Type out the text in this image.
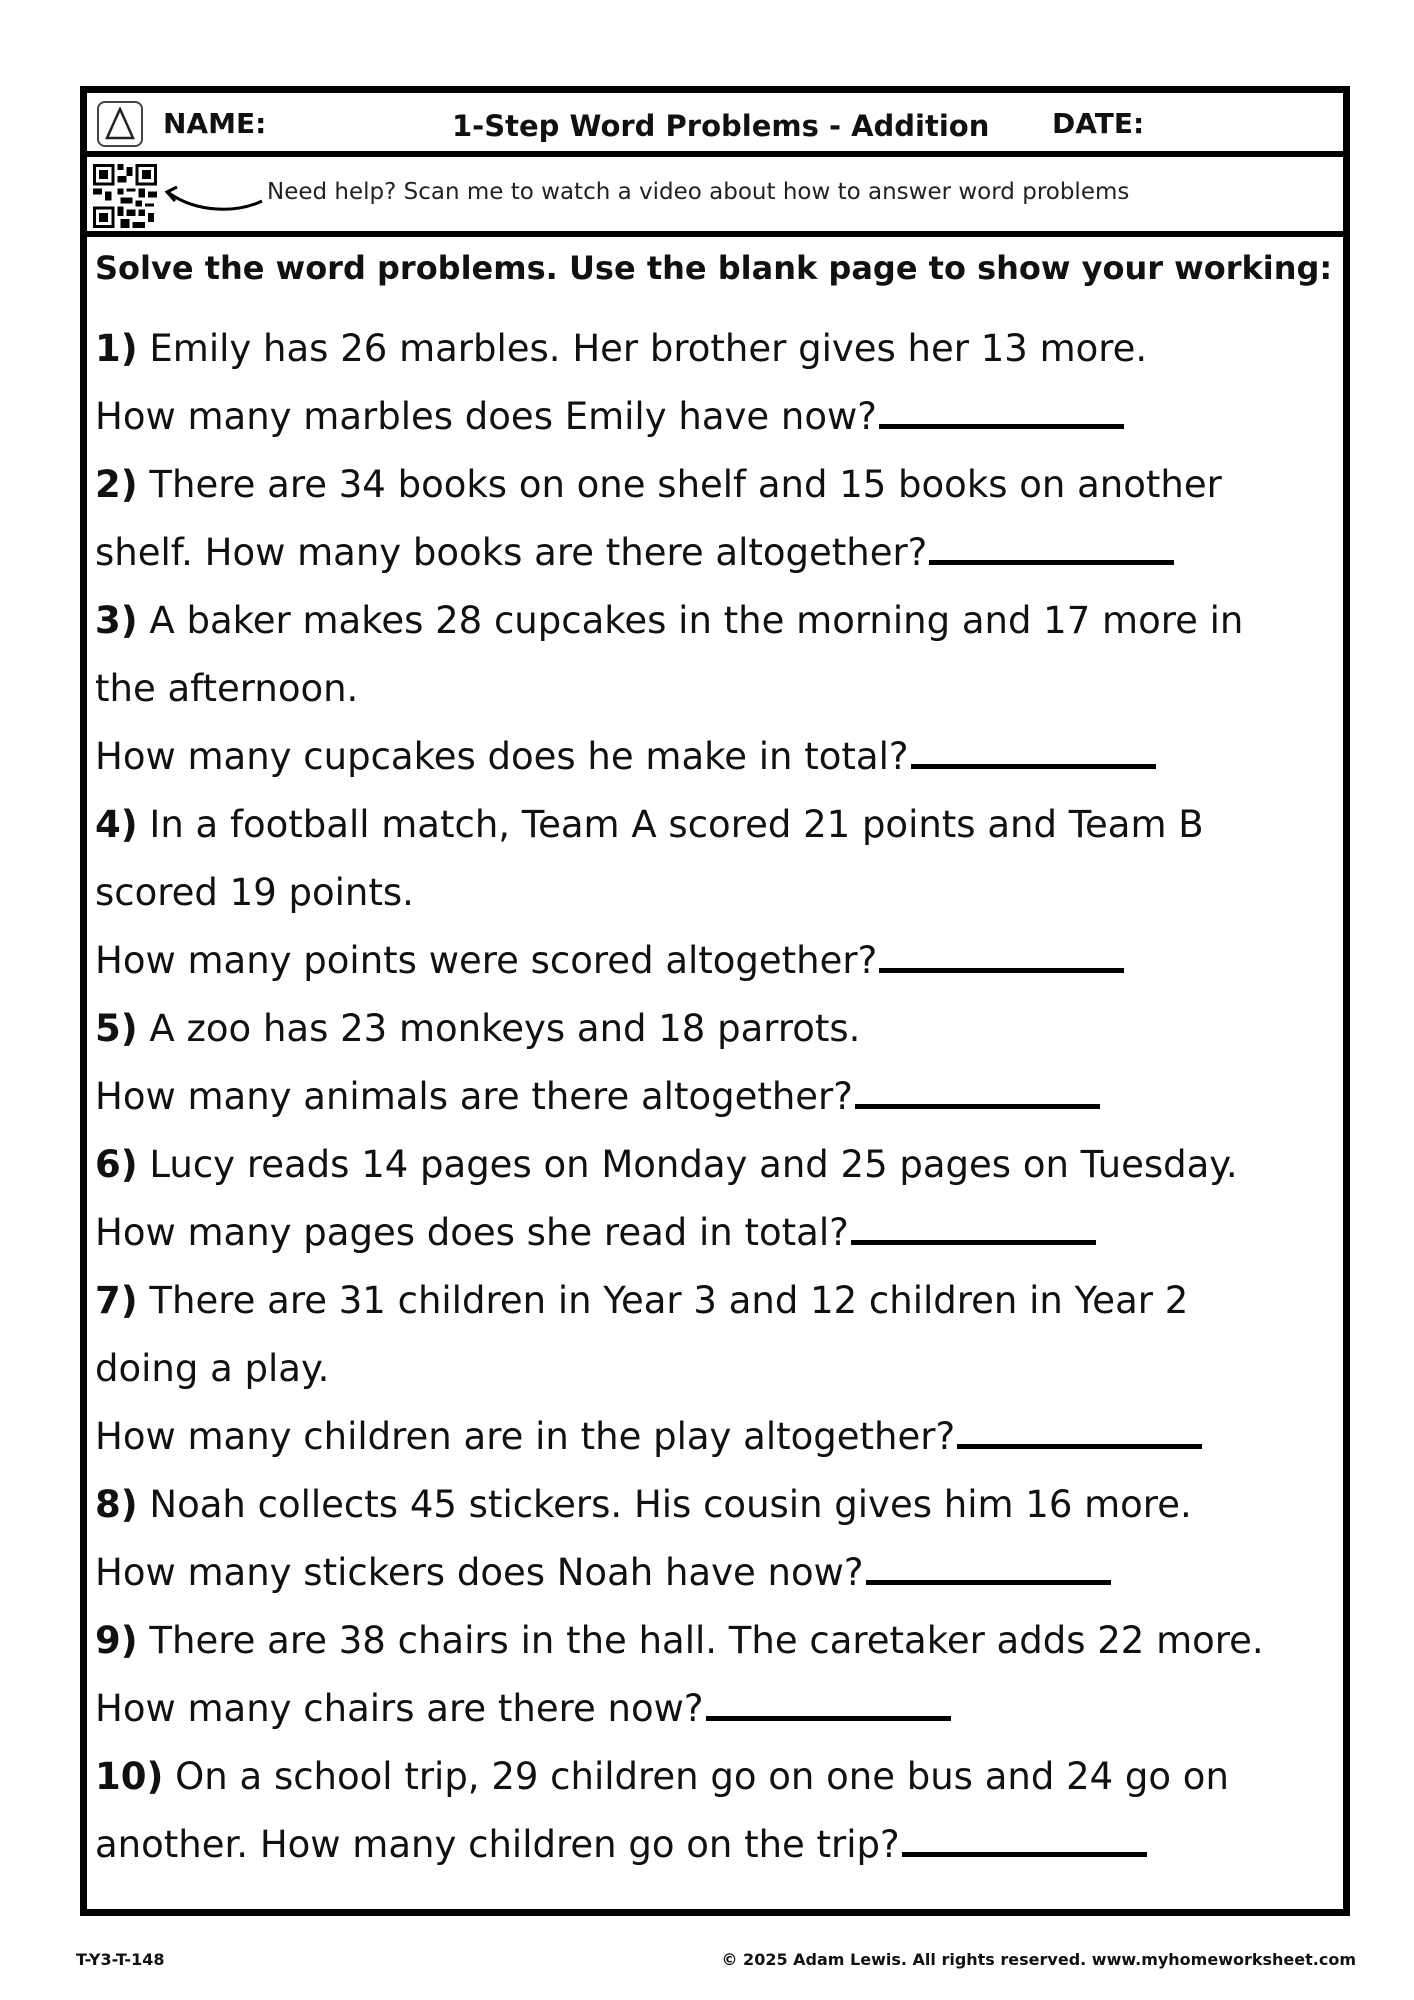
NAME:	1-Step Word Problems - Addition DATE:
Need help? Scan me to watch a video about how to answer word problems
Solve the word problems. Use the blank page to show your working:
1) Emily has 26 marbles. Her brother gives her 13 more.
How many marbles does Emily have now?
2) There are 34 books on one shelf and 15 books on another
shelf. How many books are there altogether?
3) A baker makes 28 cupcakes in the morning and 17 more in
the afternoon.
How many cupcakes does he make in total?
4) In a football match, Team A scored 21 points and Team B
scored 19 points.
How many points were scored altogether?
5) A zoo has 23 monkeys and 18 parrots.
How many animals are there altogether?
6) Lucy reads 14 pages on Monday and 25 pages on Tuesday.
How many pages does she read in total?
7) There are 31 children in Year 3 and 12 children in Year 2
doing a play.
How many children are in the play altogether?
8) Noah collects 45 stickers. His cousin gives him 16 more.
How many stickers does Noah have now?
9) There are 38 chairs in the hall. The caretaker adds 22 more.
How many chairs are there now?
10) On a school trip, 29 children go on one bus and 24 go on
another. How many children go on the trip?
T-Y3-T-148	© 2025 Adam Lewis. All rights reserved. www.myhomeworksheet.com
